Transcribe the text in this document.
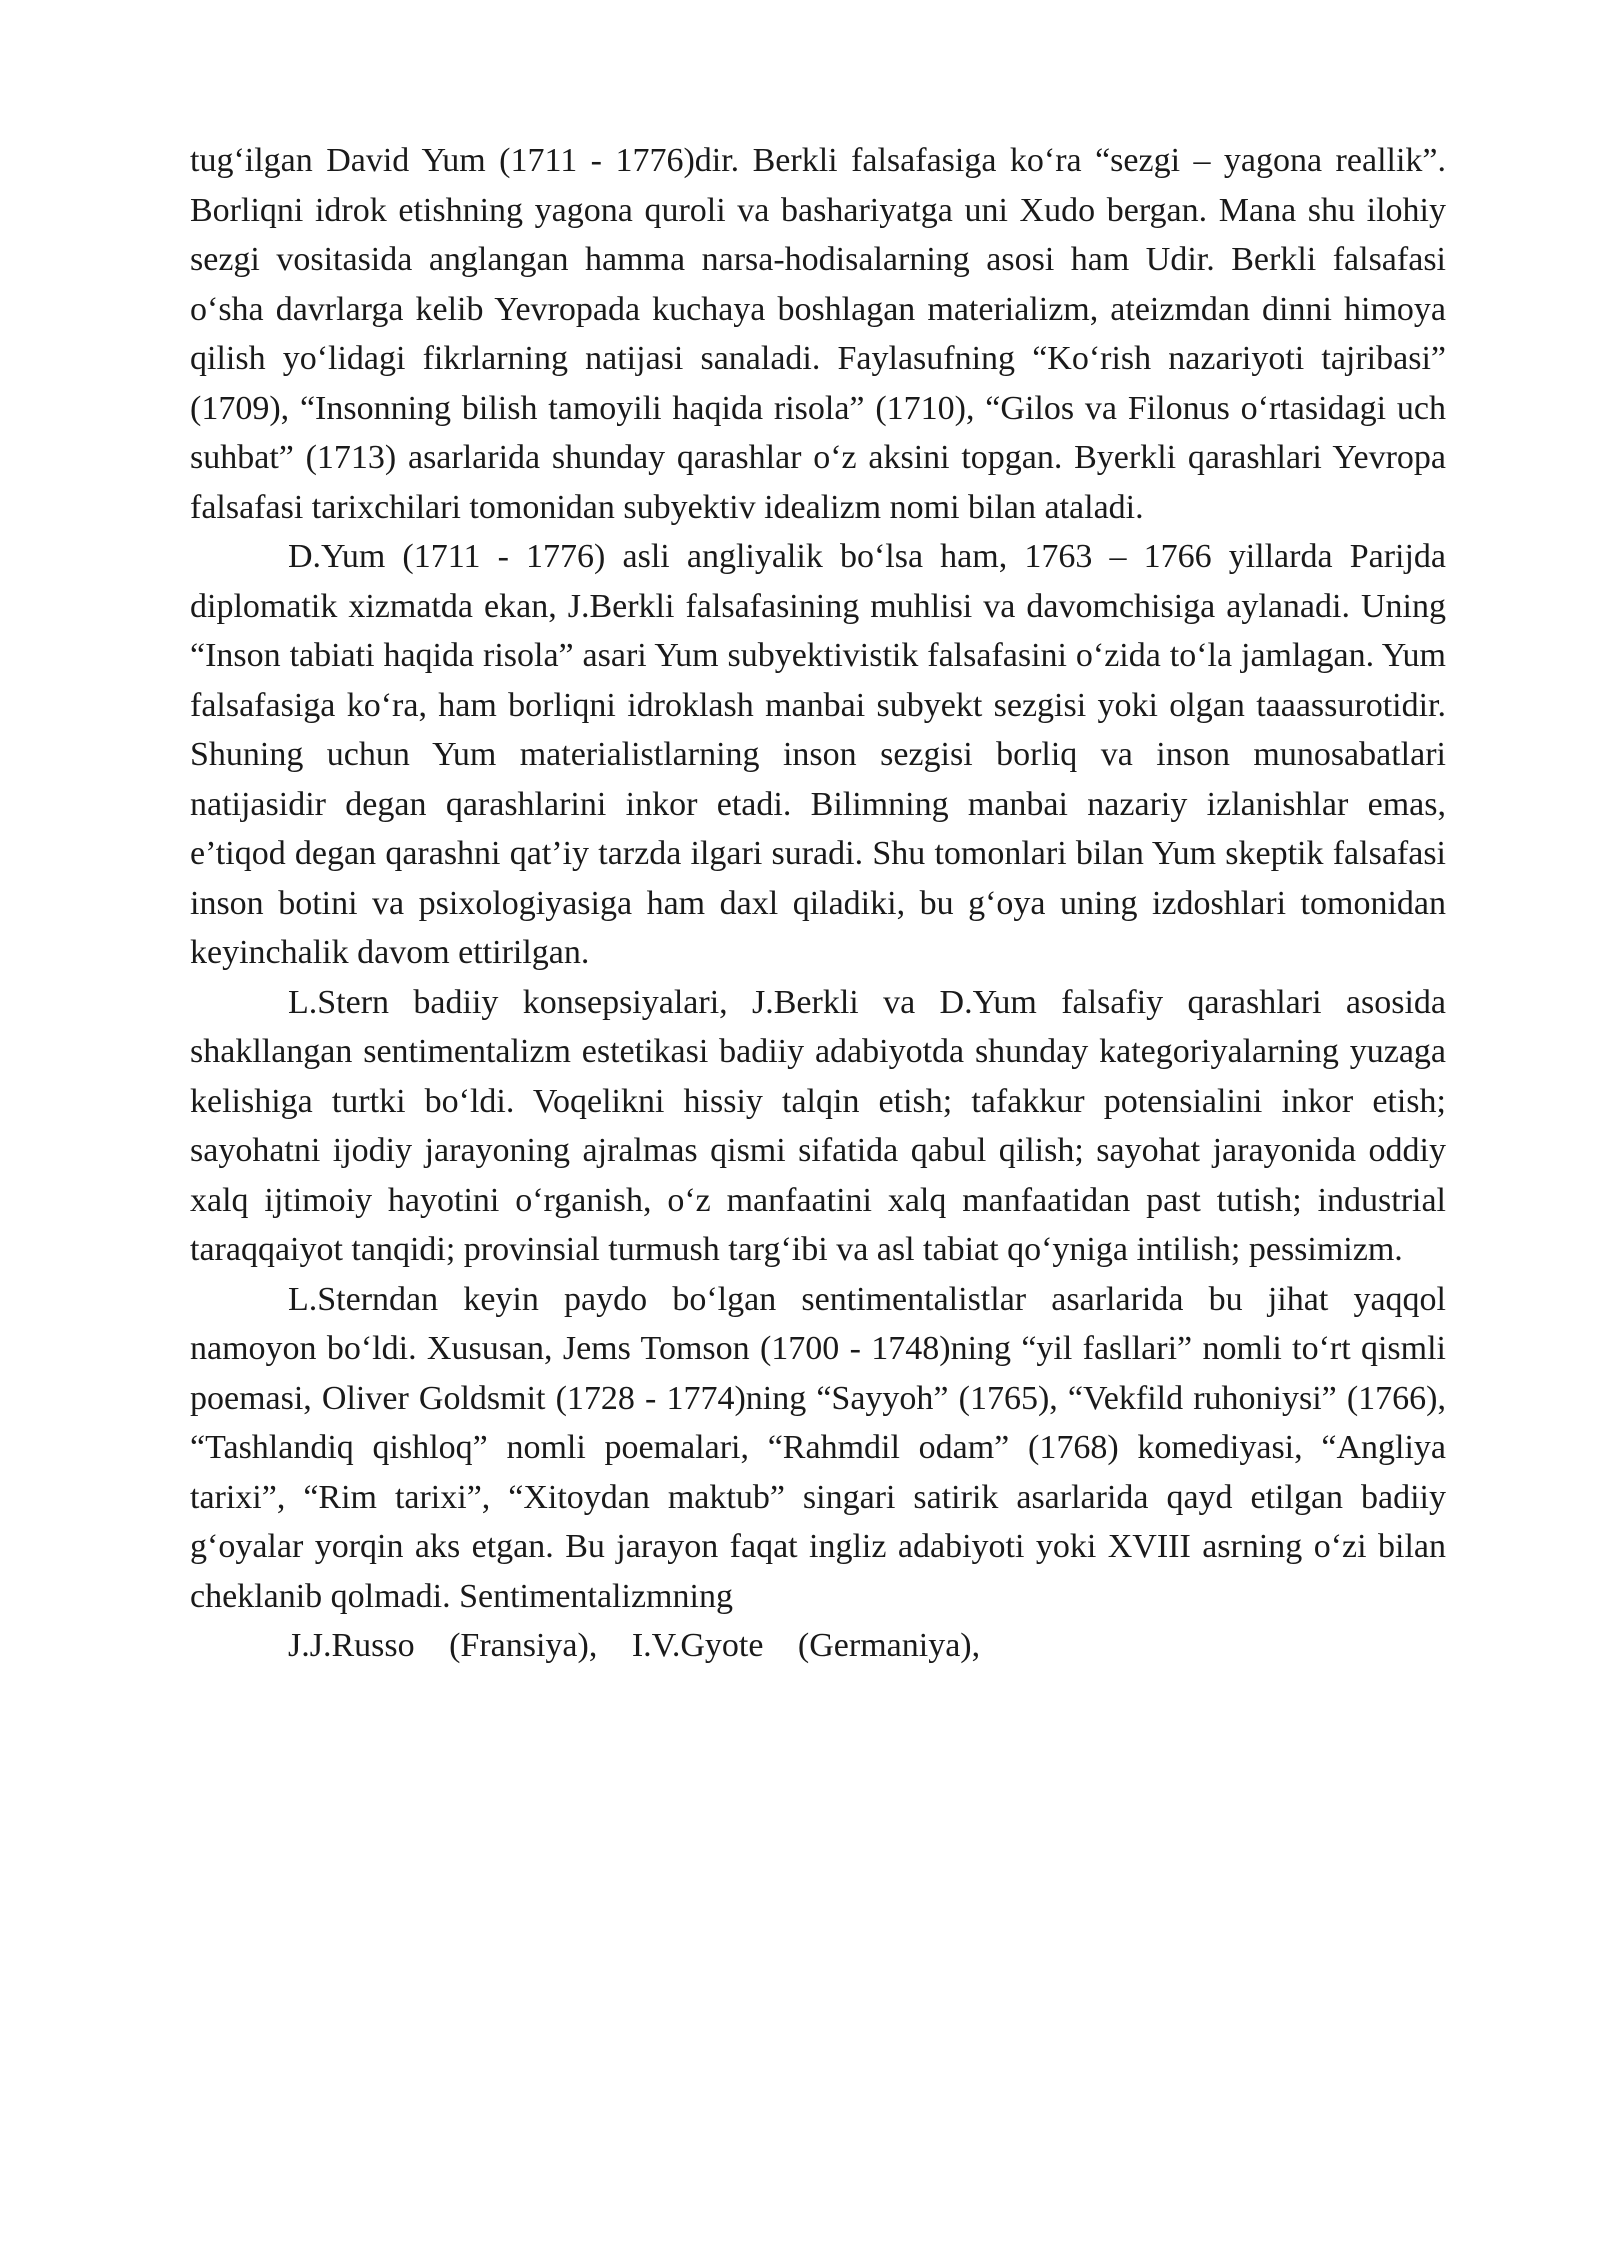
tug‘ilgan David Yum (1711 - 1776)dir. Berkli falsafasiga ko‘ra “sezgi – yagona reallik”. Borliqni idrok etishning yagona quroli va bashariyatga uni Xudo bergan. Mana shu ilohiy sezgi vositasida anglangan hamma narsa-hodisalarning asosi ham Udir. Berkli falsafasi o‘sha davrlarga kelib Yevropada kuchaya boshlagan materializm, ateizmdan dinni himoya qilish yo‘lidagi fikrlarning natijasi sanaladi. Faylasufning “Ko‘rish nazariyoti tajribasi” (1709), “Insonning bilish tamoyili haqida risola” (1710), “Gilos va Filonus o‘rtasidagi uch suhbat” (1713) asarlarida shunday qarashlar o‘z aksini topgan. Byerkli qarashlari Yevropa falsafasi tarixchilari tomonidan subyektiv idealizm nomi bilan ataladi.

D.Yum (1711 - 1776) asli angliyalik bo‘lsa ham, 1763 – 1766 yillarda Parijda diplomatik xizmatda ekan, J.Berkli falsafasining muhlisi va davomchisiga aylanadi. Uning “Inson tabiati haqida risola” asari Yum subyektivistik falsafasini o‘zida to‘la jamlagan. Yum falsafasiga ko‘ra, ham borliqni idroklash manbai subyekt sezgisi yoki olgan taaassurotidir. Shuning uchun Yum materialistlarning inson sezgisi borliq va inson munosabatlari natijasidir degan qarashlarini inkor etadi. Bilimning manbai nazariy izlanishlar emas, e’tiqod degan qarashni qat’iy tarzda ilgari suradi. Shu tomonlari bilan Yum skeptik falsafasi inson botini va psixologiyasiga ham daxl qiladiki, bu g‘oya uning izdoshlari tomonidan keyinchalik davom ettirilgan.

L.Stern badiiy konsepsiyalari, J.Berkli va D.Yum falsafiy qarashlari asosida shakllangan sentimentalizm estetikasi badiiy adabiyotda shunday kategoriyalarning yuzaga kelishiga turtki bo‘ldi. Voqelikni hissiy talqin etish; tafakkur potensialini inkor etish; sayohatni ijodiy jarayoning ajralmas qismi sifatida qabul qilish; sayohat jarayonida oddiy xalq ijtimoiy hayotini o‘rganish, o‘z manfaatini xalq manfaatidan past tutish; industrial taraqqaiyot tanqidi; provinsial turmush targ‘ibi va asl tabiat qo‘yniga intilish; pessimizm.

L.Sterndan keyin paydo bo‘lgan sentimentalistlar asarlarida bu jihat yaqqol namoyon bo‘ldi. Xususan, Jems Tomson (1700 - 1748)ning “yil fasllari” nomli to‘rt qismli poemasi, Oliver Goldsmit (1728 - 1774)ning “Sayyoh” (1765), “Vekfild ruhoniysi” (1766), “Tashlandiq qishloq” nomli poemalari, “Rahmdil odam” (1768) komediyasi, “Angliya tarixi”, “Rim tarixi”, “Xitoydan maktub” singari satirik asarlarida qayd etilgan badiiy g‘oyalar yorqin aks etgan. Bu jarayon faqat ingliz adabiyoti yoki XVIII asrning o‘zi bilan cheklanib qolmadi. Sentimentalizmning
J.J.Russo (Fransiya), I.V.Gyote (Germaniya),
